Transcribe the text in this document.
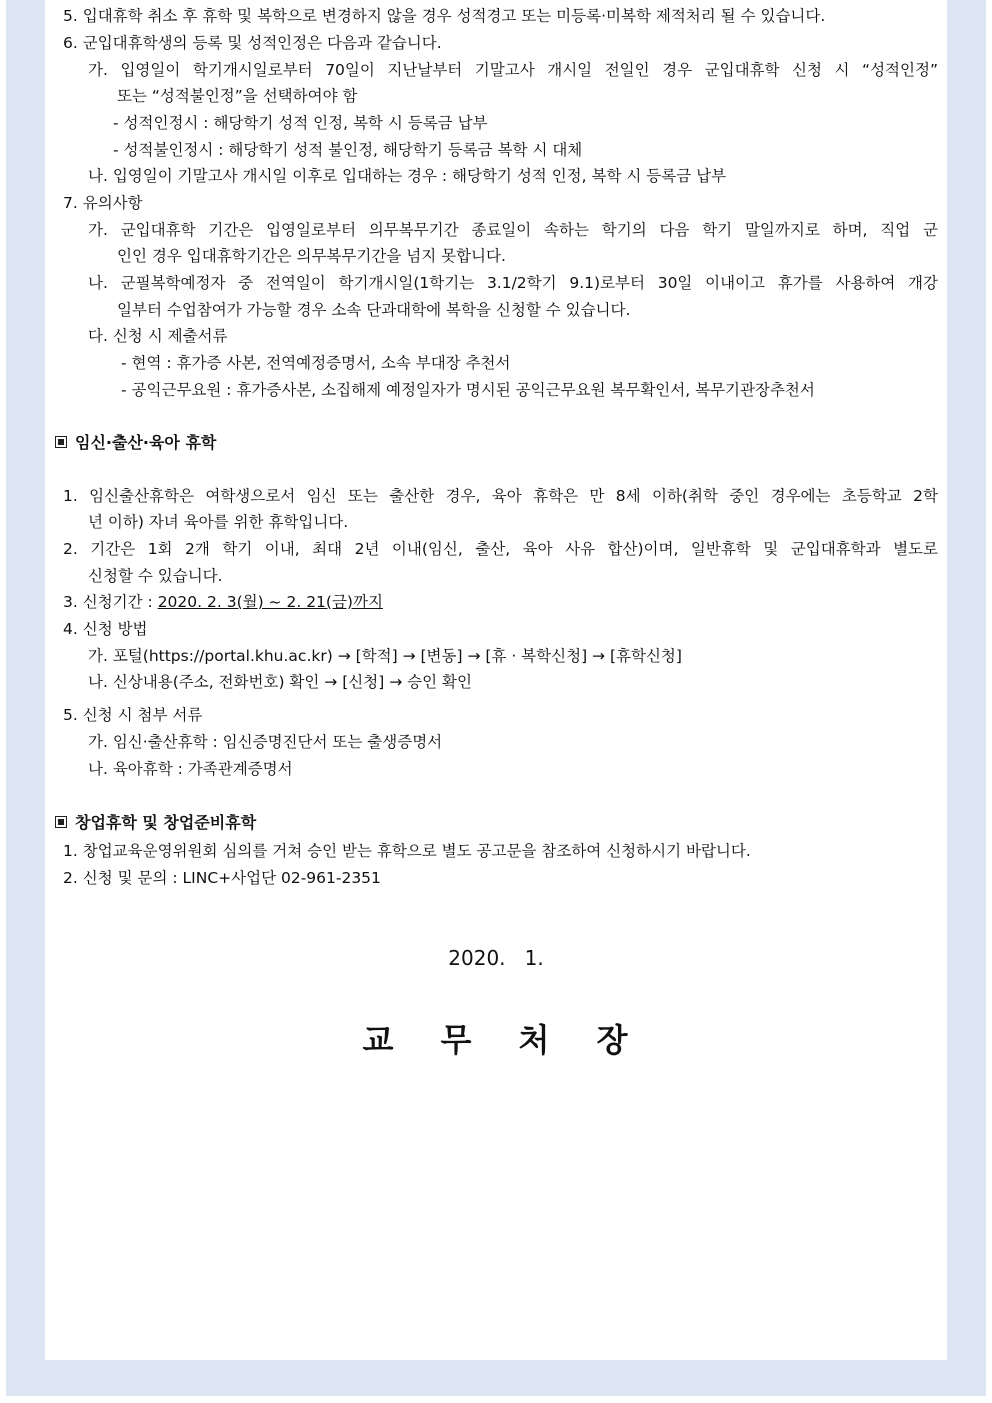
5. 입대휴학 취소 후 휴학 및 복학으로 변경하지 않을 경우 성적경고 또는 미등록·미복학 제적처리 될 수 있습니다.
6. 군입대휴학생의 등록 및 성적인정은 다음과 같습니다.
가. 입영일이 학기개시일로부터 70일이 지난날부터 기말고사 개시일 전일인 경우 군입대휴학 신청 시 “성적인정”
또는 “성적불인정”을 선택하여야 함
- 성적인정시 : 해당학기 성적 인정, 복학 시 등록금 납부
- 성적불인정시 : 해당학기 성적 불인정, 해당학기 등록금 복학 시 대체
나. 입영일이 기말고사 개시일 이후로 입대하는 경우 : 해당학기 성적 인정, 복학 시 등록금 납부
7. 유의사항
가. 군입대휴학 기간은 입영일로부터 의무복무기간 종료일이 속하는 학기의 다음 학기 말일까지로 하며, 직업 군
인인 경우 입대휴학기간은 의무복무기간을 넘지 못합니다.
나. 군필복학예정자 중 전역일이 학기개시일(1학기는 3.1/2학기 9.1)로부터 30일 이내이고 휴가를 사용하여 개강
일부터 수업참여가 가능할 경우 소속 단과대학에 복학을 신청할 수 있습니다.
다. 신청 시 제출서류
- 현역 : 휴가증 사본, 전역예정증명서, 소속 부대장 추천서
- 공익근무요원 : 휴가증사본, 소집해제 예정일자가 명시된 공익근무요원 복무확인서, 복무기관장추천서
임신·출산·육아 휴학
1. 임신출산휴학은 여학생으로서 임신 또는 출산한 경우, 육아 휴학은 만 8세 이하(취학 중인 경우에는 초등학교 2학
년 이하) 자녀 육아를 위한 휴학입니다.
2. 기간은 1회 2개 학기 이내, 최대 2년 이내(임신, 출산, 육아 사유 합산)이며, 일반휴학 및 군입대휴학과 별도로
신청할 수 있습니다.
3. 신청기간 : 2020. 2. 3(월) ~ 2. 21(금)까지
4. 신청 방법
가. 포털(https://portal.khu.ac.kr) → [학적] → [변동] → [휴 · 복학신청] → [휴학신청]
나. 신상내용(주소, 전화번호) 확인 → [신청] → 승인 확인
5. 신청 시 첨부 서류
가. 임신·출산휴학 : 임신증명진단서 또는 출생증명서
나. 육아휴학 : 가족관계증명서
창업휴학 및 창업준비휴학
1. 창업교육운영위원회 심의를 거쳐 승인 받는 휴학으로 별도 공고문을 참조하여 신청하시기 바랍니다.
2. 신청 및 문의 : LINC+사업단 02-961-2351
2020.   1.
교 무 처 장
